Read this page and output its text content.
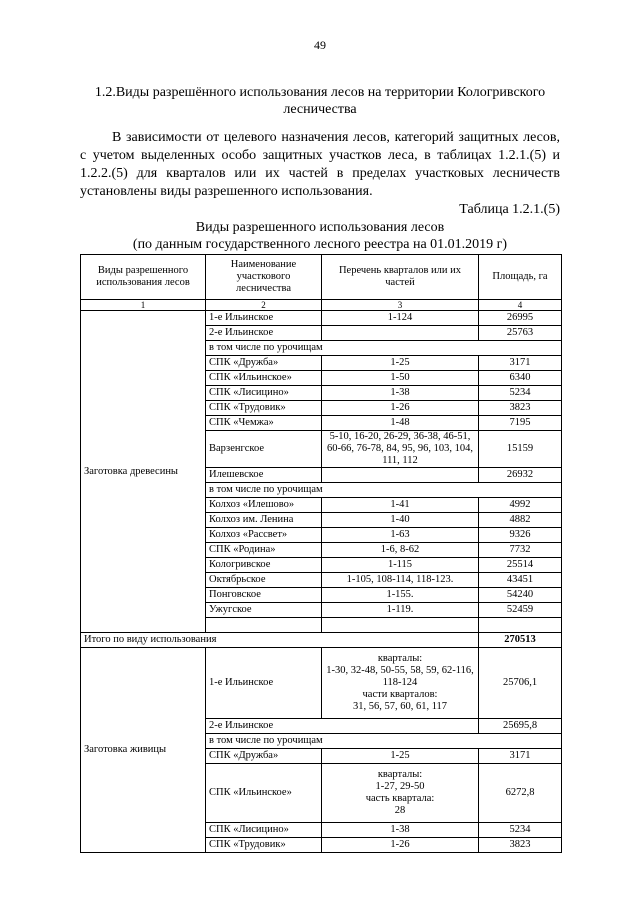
49
1.2.Виды разрешённого использования лесов на территории Кологривского лесничества
В зависимости от целевого назначения лесов, категорий защитных лесов, с учетом выделенных особо защитных участков леса, в таблицах 1.2.1.(5) и 1.2.2.(5) для кварталов или их частей в пределах участковых лесничеств установлены виды разрешенного использования.
Таблица 1.2.1.(5)
Виды разрешенного использования лесов
(по данным государственного лесного реестра на 01.01.2019 г)
Виды разрешенного использования лесов	Наименование участкового лесничества	Перечень кварталов или их частей	Площадь, га
1	2	3	4
Заготовка древесины	1-е Ильинское	1-124	26995
	2-е Ильинское		25763
	в том числе по урочищам		
	СПК «Дружба»	1-25	3171
	СПК «Ильинское»	1-50	6340
	СПК «Лисицино»	1-38	5234
	СПК «Трудовик»	1-26	3823
	СПК «Чемжа»	1-48	7195
	Варзенгское	5-10, 16-20, 26-29, 36-38, 46-51, 60-66, 76-78, 84, 95, 96, 103, 104, 111, 112	15159
	Илешевское		26932
	в том числе по урочищам		
	Колхоз «Илешово»	1-41	4992
	Колхоз им. Ленина	1-40	4882
	Колхоз «Рассвет»	1-63	9326
	СПК «Родина»	1-6, 8-62	7732
	Кологривское	1-115	25514
	Октябрьское	1-105, 108-114, 118-123.	43451
	Понговское	1-155.	54240
	Ужугское	1-119.	52459

Итого по виду использования			270513
Заготовка живицы	1-е Ильинское	кварталы:
1-30, 32-48, 50-55, 58, 59, 62-116, 118-124
части кварталов:
31, 56, 57, 60, 61, 117	25706,1
	2-е Ильинское		25695,8
	в том числе по урочищам		
	СПК «Дружба»	1-25	3171
	СПК «Ильинское»	кварталы:
1-27, 29-50
часть квартала:
28	6272,8
	СПК «Лисицино»	1-38	5234
	СПК «Трудовик»	1-26	3823
